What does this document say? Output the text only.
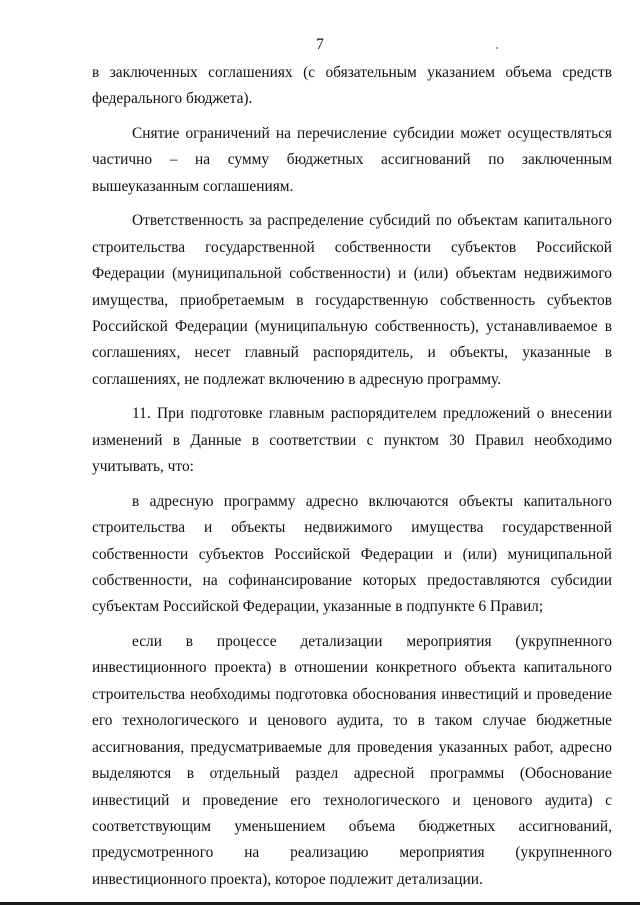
7

в заключенных соглашениях (с обязательным указанием объема средств федерального бюджета).

Снятие ограничений на перечисление субсидии может осуществляться частично – на сумму бюджетных ассигнований по заключенным вышеуказанным соглашениям.

Ответственность за распределение субсидий по объектам капитального строительства государственной собственности субъектов Российской Федерации (муниципальной собственности) и (или) объектам недвижимого имущества, приобретаемым в государственную собственность субъектов Российской Федерации (муниципальную собственность), устанавливаемое в соглашениях, несет главный распорядитель, и объекты, указанные в соглашениях, не подлежат включению в адресную программу.

11. При подготовке главным распорядителем предложений о внесении изменений в Данные в соответствии с пунктом 30 Правил необходимо учитывать, что:

в адресную программу адресно включаются объекты капитального строительства и объекты недвижимого имущества государственной собственности субъектов Российской Федерации и (или) муниципальной собственности, на софинансирование которых предоставляются субсидии субъектам Российской Федерации, указанные в подпункте 6 Правил;

если в процессе детализации мероприятия (укрупненного инвестиционного проекта) в отношении конкретного объекта капитального строительства необходимы подготовка обоснования инвестиций и проведение его технологического и ценового аудита, то в таком случае бюджетные ассигнования, предусматриваемые для проведения указанных работ, адресно выделяются в отдельный раздел адресной программы (Обоснование инвестиций и проведение его технологического и ценового аудита) с соответствующим уменьшением объема бюджетных ассигнований, предусмотренного на реализацию мероприятия (укрупненного инвестиционного проекта), которое подлежит детализации.
